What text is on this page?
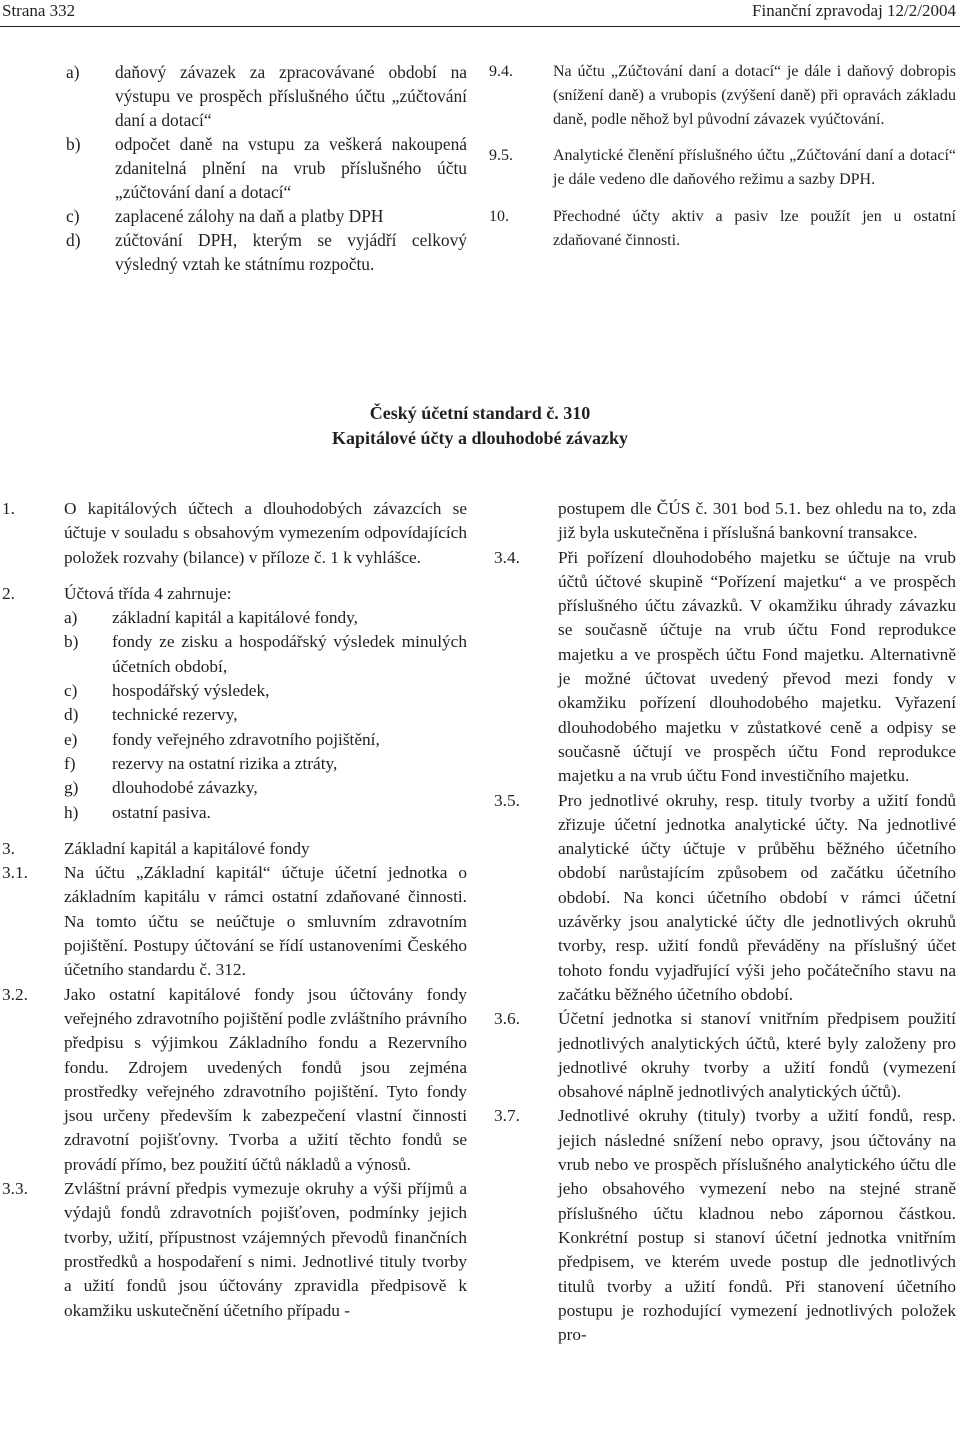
Strana 332	Finanční zpravodaj 12/2/2004
a)	daňový závazek za zpracovávané období na výstupu ve prospěch příslušného účtu „zúčtování daní a dotací“
b)	odpočet daně na vstupu za veškerá nakoupená zdanitelná plnění na vrub příslušného účtu „zúčtování daní a dotací“
c)	zaplacené zálohy na daň a platby DPH
d)	zúčtování DPH, kterým se vyjádří celkový výsledný vztah ke státnímu rozpočtu.
9.4.	Na účtu „Zúčtování daní a dotací“ je dále i daňový dobropis (snížení daně) a vrubopis (zvýšení daně) při opravách základu daně, podle něhož byl původní závazek vyúčtování.
9.5.	Analytické členění příslušného účtu „Zúčtování daní a dotací“ je dále vedeno dle daňového režimu a sazby DPH.
10.	Přechodné účty aktiv a pasiv lze použít jen u ostatní zdaňované činnosti.
Český účetní standard č. 310
Kapitálové účty a dlouhodobé závazky
1.	O kapitálových účtech a dlouhodobých závazcích se účtuje v souladu s obsahovým vymezením odpovídajících položek rozvahy (bilance) v příloze č. 1 k vyhlášce.
2.	Účtová třída 4 zahrnuje:
a)	základní kapitál a kapitálové fondy,
b)	fondy ze zisku a hospodářský výsledek minulých účetních období,
c)	hospodářský výsledek,
d)	technické rezervy,
e)	fondy veřejného zdravotního pojištění,
f)	rezervy na ostatní rizika a ztráty,
g)	dlouhodobé závazky,
h)	ostatní pasiva.
3.	Základní kapitál a kapitálové fondy
3.1.	Na účtu „Základní kapitál“ účtuje účetní jednotka o základním kapitálu v rámci ostatní zdaňované činnosti. Na tomto účtu se neúčtuje o smluvním zdravotním pojištění. Postupy účtování se řídí ustanoveními Českého účetního standardu č. 312.
3.2.	Jako ostatní kapitálové fondy jsou účtovány fondy veřejného zdravotního pojištění podle zvláštního právního předpisu s výjimkou Základního fondu a Rezervního fondu. Zdrojem uvedených fondů jsou zejména prostředky veřejného zdravotního pojištění. Tyto fondy jsou určeny především k zabezpečení vlastní činnosti zdravotní pojišťovny. Tvorba a užití těchto fondů se provádí přímo, bez použití účtů nákladů a výnosů.
3.3.	Zvláštní právní předpis vymezuje okruhy a výši příjmů a výdajů fondů zdravotních pojišťoven, podmínky jejich tvorby, užití, přípustnost vzájemných převodů finančních prostředků a hospodaření s nimi. Jednotlivé tituly tvorby a užití fondů jsou účtovány zpravidla předpisově k okamžiku uskutečnění účetního případu -
postupem dle ČÚS č. 301 bod 5.1. bez ohledu na to, zda již byla uskutečněna i příslušná bankovní transakce.
3.4.	Při pořízení dlouhodobého majetku se účtuje na vrub účtů účtové skupině “Pořízení majetku“ a ve prospěch příslušného účtu závazků. V okamžiku úhrady závazku se současně účtuje na vrub účtu Fond reprodukce majetku a ve prospěch účtu Fond majetku. Alternativně je možné účtovat uvedený převod mezi fondy v okamžiku pořízení dlouhodobého majetku. Vyřazení dlouhodobého majetku v zůstatkové ceně a odpisy se současně účtují ve prospěch účtu Fond reprodukce majetku a na vrub účtu Fond investičního majetku.
3.5.	Pro jednotlivé okruhy, resp. tituly tvorby a užití fondů zřizuje účetní jednotka analytické účty. Na jednotlivé analytické účty účtuje v průběhu běžného účetního období narůstajícím způsobem od začátku účetního období. Na konci účetního období v rámci účetní uzávěrky jsou analytické účty dle jednotlivých okruhů tvorby, resp. užití fondů převáděny na příslušný účet tohoto fondu vyjadřující výši jeho počátečního stavu na začátku běžného účetního období.
3.6.	Účetní jednotka si stanoví vnitřním předpisem použití jednotlivých analytických účtů, které byly založeny pro jednotlivé okruhy tvorby a užití fondů (vymezení obsahové náplně jednotlivých analytických účtů).
3.7.	Jednotlivé okruhy (tituly) tvorby a užití fondů, resp. jejich následné snížení nebo opravy, jsou účtovány na vrub nebo ve prospěch příslušného analytického účtu dle jeho obsahového vymezení nebo na stejné straně příslušného účtu kladnou nebo zápornou částkou. Konkrétní postup si stanoví účetní jednotka vnitřním předpisem, ve kterém uvede postup dle jednotlivých titulů tvorby a užití fondů. Při stanovení účetního postupu je rozhodující vymezení jednotlivých položek pro-
